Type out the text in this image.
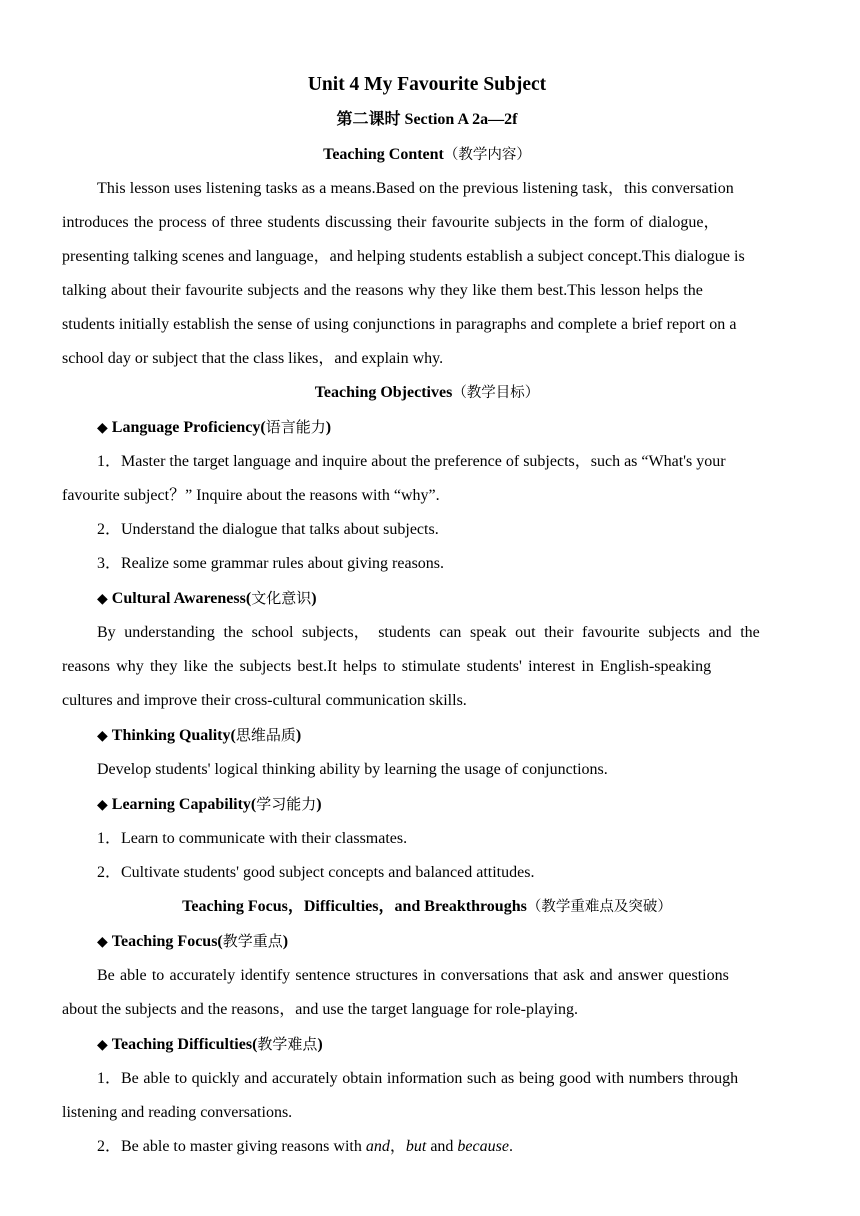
Unit 4 My Favourite Subject
第二课时 Section A 2a—2f
Teaching Content（教学内容）

This lesson uses listening tasks as a means.Based on the previous listening task，this conversation

introduces the process of three students discussing their favourite subjects in the form of dialogue，

presenting talking scenes and language，and helping students establish a subject concept.This dialogue is

talking about their favourite subjects and the reasons why they like them best.This lesson helps the

students initially establish the sense of using conjunctions in paragraphs and complete a brief report on a

school day or subject that the class likes，and explain why.

Teaching Objectives（教学目标）
◆ Language Proficiency(语言能力)

1．Master the target language and inquire about the preference of subjects，such as “What's your

favourite subject？” Inquire about the reasons with “why”.

2．Understand the dialogue that talks about subjects.

3．Realize some grammar rules about giving reasons.

◆ Cultural Awareness(文化意识)

By understanding the school subjects， students can speak out their favourite subjects and the

reasons why they like the subjects best.It helps to stimulate students' interest in English-speaking

cultures and improve their cross-cultural communication skills.

◆ Thinking Quality(思维品质)

Develop students' logical thinking ability by learning the usage of conjunctions.

◆ Learning Capability(学习能力)

1．Learn to communicate with their classmates.

2．Cultivate students' good subject concepts and balanced attitudes.

Teaching Focus，Difficulties，and Breakthroughs（教学重难点及突破）
◆ Teaching Focus(教学重点)

Be able to accurately identify sentence structures in conversations that ask and answer questions

about the subjects and the reasons，and use the target language for role‑playing.

◆ Teaching Difficulties(教学难点)

1．Be able to quickly and accurately obtain information such as being good with numbers through

listening and reading conversations.

2．Be able to master giving reasons with and，but and because.
